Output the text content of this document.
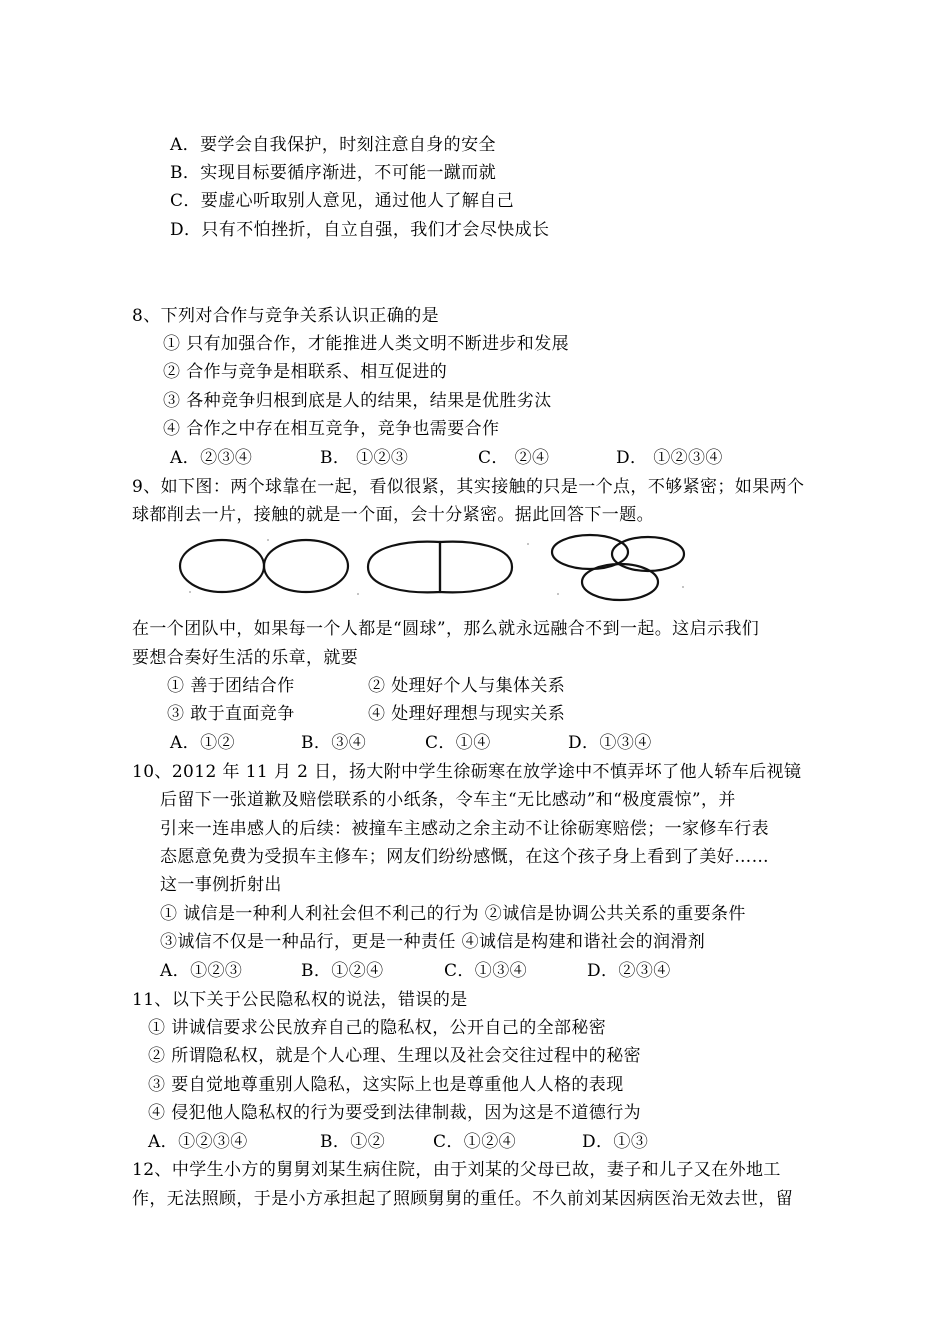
A．要学会自我保护，时刻注意自身的安全
B．实现目标要循序渐进，不可能一蹴而就
C．要虚心听取别人意见，通过他人了解自己
D．只有不怕挫折，自立自强，我们才会尽快成长
8、下列对合作与竞争关系认识正确的是
① 只有加强合作，才能推进人类文明不断进步和发展
② 合作与竞争是相联系、相互促进的
③ 各种竞争归根到底是人的结果，结果是优胜劣汰
④ 合作之中存在相互竞争，竞争也需要合作
A．②③④	B． ①②③	C． ②④	D． ①②③④
9、如下图：两个球靠在一起，看似很紧，其实接触的只是一个点，不够紧密；如果两个
球都削去一片，接触的就是一个面，会十分紧密。据此回答下一题。
在一个团队中，如果每一个人都是“圆球”，那么就永远融合不到一起。这启示我们
要想合奏好生活的乐章，就要
① 善于团结合作	② 处理好个人与集体关系
③ 敢于直面竞争	④ 处理好理想与现实关系
A．①②	B．③④	C．①④	D．①③④
10、2012 年 11 月 2 日，扬大附中学生徐砺寒在放学途中不慎弄坏了他人轿车后视镜
后留下一张道歉及赔偿联系的小纸条，令车主“无比感动”和“极度震惊”，并
引来一连串感人的后续：被撞车主感动之余主动不让徐砺寒赔偿；一家修车行表
态愿意免费为受损车主修车；网友们纷纷感慨，在这个孩子身上看到了美好……
这一事例折射出
① 诚信是一种利人利社会但不利己的行为 ②诚信是协调公共关系的重要条件
③诚信不仅是一种品行，更是一种责任 ④诚信是构建和谐社会的润滑剂
A．①②③	B．①②④	C．①③④	D．②③④
11、以下关于公民隐私权的说法，错误的是
① 讲诚信要求公民放弃自己的隐私权，公开自己的全部秘密
② 所谓隐私权，就是个人心理、生理以及社会交往过程中的秘密
③ 要自觉地尊重别人隐私，这实际上也是尊重他人人格的表现
④ 侵犯他人隐私权的行为要受到法律制裁，因为这是不道德行为
A．①②③④	B．①②	C．①②④	D．①③
12、中学生小方的舅舅刘某生病住院，由于刘某的父母已故，妻子和儿子又在外地工
作，无法照顾，于是小方承担起了照顾舅舅的重任。不久前刘某因病医治无效去世，留
